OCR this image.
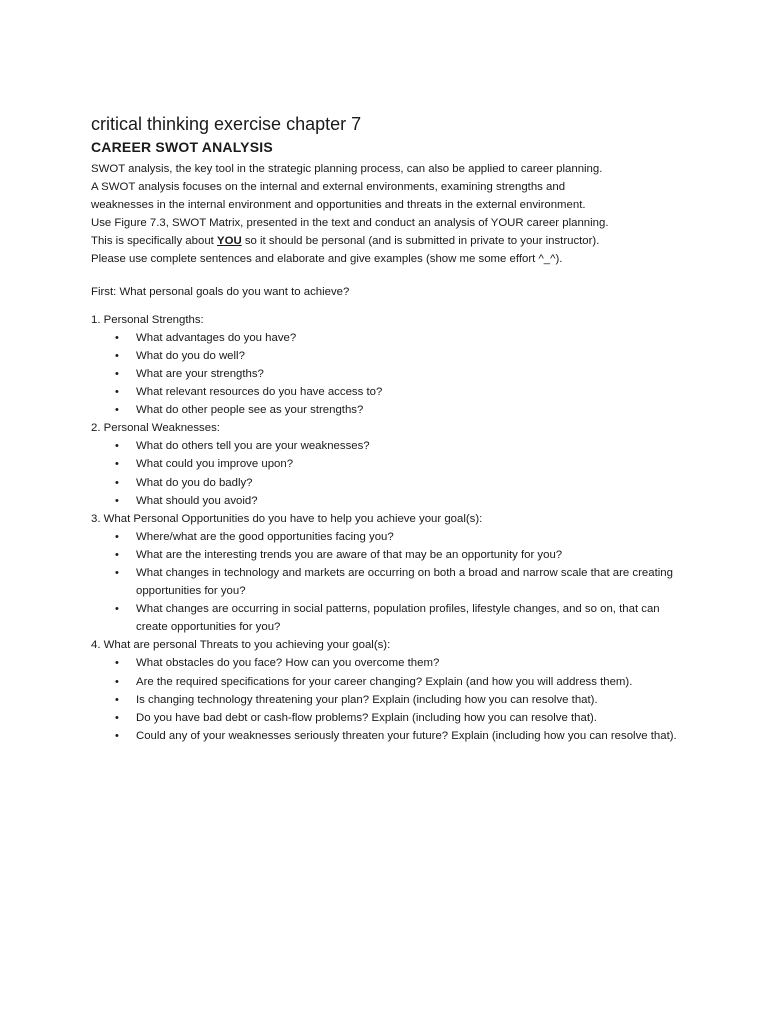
critical thinking exercise chapter 7
CAREER SWOT ANALYSIS

SWOT analysis, the key tool in the strategic planning process, can also be applied to career planning.
A SWOT analysis focuses on the internal and external environments, examining strengths and
weaknesses in the internal environment and opportunities and threats in the external environment.
Use Figure 7.3, SWOT Matrix, presented in the text and conduct an analysis of YOUR career planning.
This is specifically about YOU so it should be personal (and is submitted in private to your instructor).
Please use complete sentences and elaborate and give examples (show me some effort ^_^).

First: What personal goals do you want to achieve?

1. Personal Strengths:

• What advantages do you have?
• What do you do well?
• What are your strengths?
• What relevant resources do you have access to?
• What do other people see as your strengths?

2. Personal Weaknesses:

• What do others tell you are your weaknesses?
• What could you improve upon?
• What do you do badly?
• What should you avoid?

3. What Personal Opportunities do you have to help you achieve your goal(s):

• Where/what are the good opportunities facing you?
• What are the interesting trends you are aware of that may be an opportunity for you?
• What changes in technology and markets are occurring on both a broad and narrow scale that are creating opportunities for you?
• What changes are occurring in social patterns, population profiles, lifestyle changes, and so on, that can create opportunities for you?

4. What are personal Threats to you achieving your goal(s):

• What obstacles do you face? How can you overcome them?
• Are the required specifications for your career changing? Explain (and how you will address them).
• Is changing technology threatening your plan? Explain (including how you can resolve that).
• Do you have bad debt or cash-flow problems? Explain (including how you can resolve that).
• Could any of your weaknesses seriously threaten your future? Explain (including how you can resolve that).
